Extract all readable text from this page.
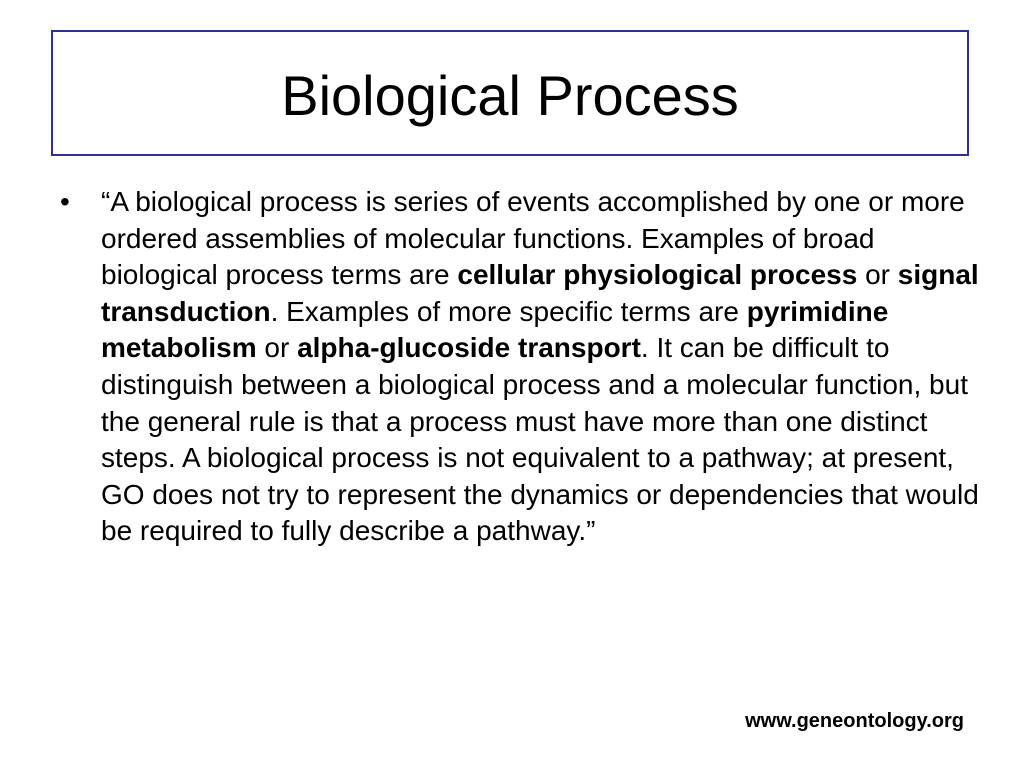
Biological Process
• “A biological process is series of events accomplished by one or more ordered assemblies of molecular functions. Examples of broad biological process terms are cellular physiological process or signal transduction. Examples of more specific terms are pyrimidine metabolism or alpha-glucoside transport. It can be difficult to distinguish between a biological process and a molecular function, but the general rule is that a process must have more than one distinct steps. A biological process is not equivalent to a pathway; at present, GO does not try to represent the dynamics or dependencies that would be required to fully describe a pathway.”
www.geneontology.org
